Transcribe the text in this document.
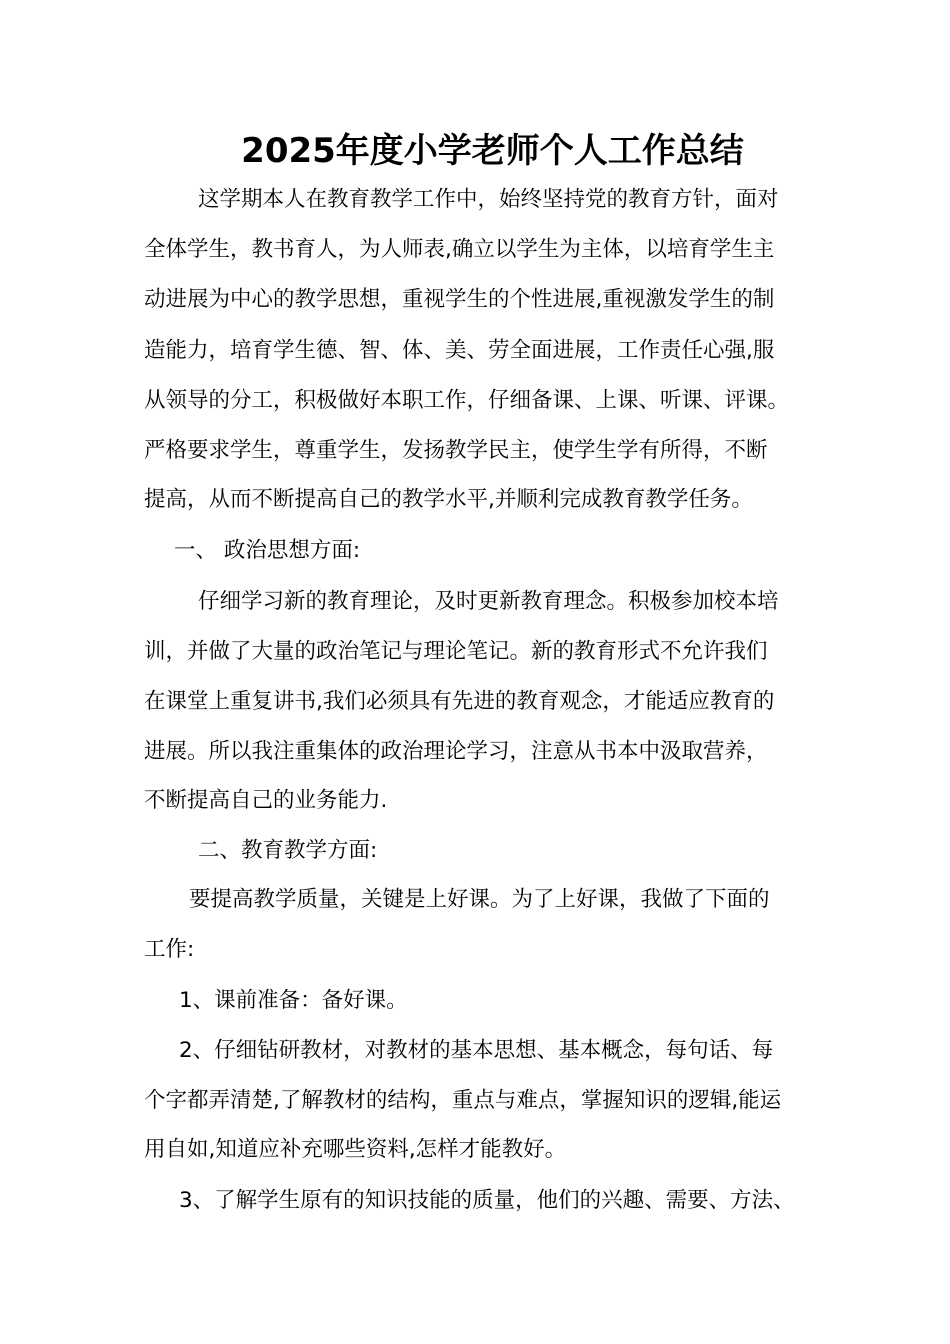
2025年度小学老师个人工作总结
这学期本人在教育教学工作中，始终坚持党的教育方针，面对
全体学生，教书育人，为人师表,确立以学生为主体，以培育学生主
动进展为中心的教学思想，重视学生的个性进展,重视激发学生的制
造能力，培育学生德、智、体、美、劳全面进展，工作责任心强,服
从领导的分工，积极做好本职工作，仔细备课、上课、听课、评课。
严格要求学生，尊重学生，发扬教学民主，使学生学有所得，不断
提高，从而不断提高自己的教学水平,并顺利完成教育教学任务。
一、 政治思想方面:
仔细学习新的教育理论，及时更新教育理念。积极参加校本培
训，并做了大量的政治笔记与理论笔记。新的教育形式不允许我们
在课堂上重复讲书,我们必须具有先进的教育观念，才能适应教育的
进展。所以我注重集体的政治理论学习，注意从书本中汲取营养，
不断提高自己的业务能力.
二、教育教学方面:
要提高教学质量，关键是上好课。为了上好课，我做了下面的
工作:
1、课前准备：备好课。
2、仔细钻研教材，对教材的基本思想、基本概念，每句话、每
个字都弄清楚,了解教材的结构，重点与难点，掌握知识的逻辑,能运
用自如,知道应补充哪些资料,怎样才能教好。
3、了解学生原有的知识技能的质量，他们的兴趣、需要、方法、
